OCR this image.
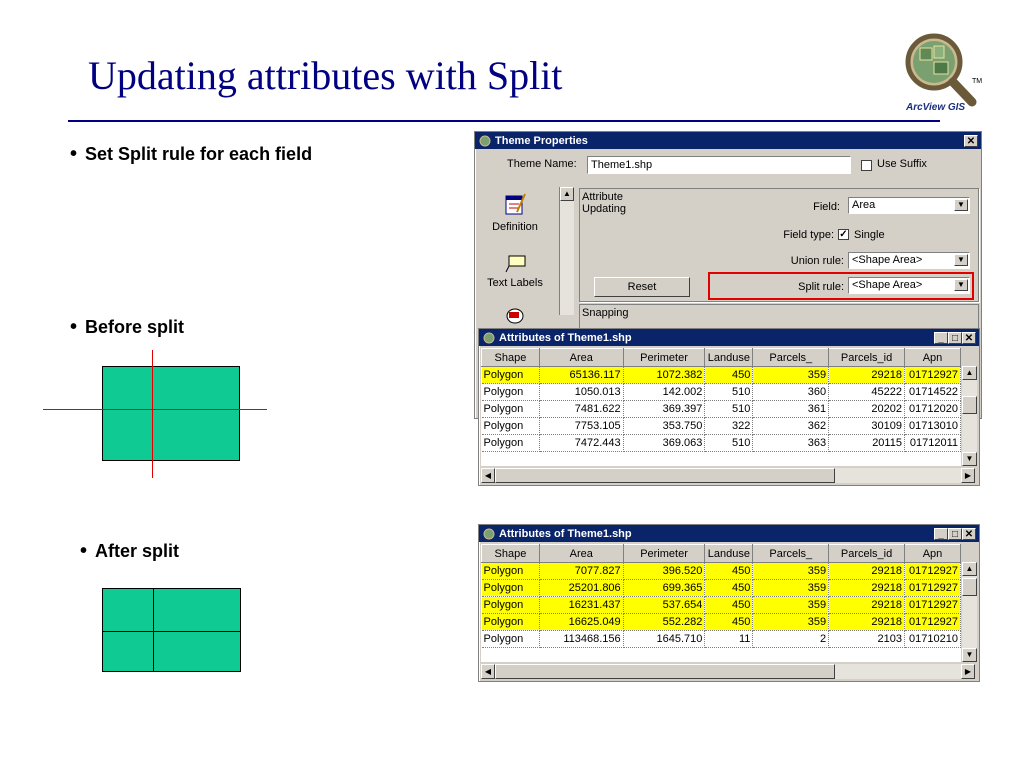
Updating attributes with Split	TM
ArcView GIS
• Set Split rule for each field
• Before split
• After split
Theme Properties	✕
Theme Name:	Theme1.shp	Use Suffix
Definition
Text Labels
▲ Attribute Updating	Field: Area	▼
Field type: ✓ Single
Union rule: <Shape Area>	▼
Reset	Split rule: <Shape Area>	▼
Snapping
Attributes of Theme1.shp	_ □ ✕
Shape	Area	Perimeter	Landuse	Parcels_	Parcels_id	Apn
Polygon	65136.117	1072.382	450	359	29218	01712927
Polygon	1050.013	142.002	510	360	45222	01714522
Polygon	7481.622	369.397	510	361	20202	01712020
Polygon	7753.105	353.750	322	362	30109	01713010
Polygon	7472.443	369.063	510	363	20115	01712011
▲
▼
◀	▶
Attributes of Theme1.shp	_ □ ✕
Shape	Area	Perimeter	Landuse	Parcels_	Parcels_id	Apn
Polygon	7077.827	396.520	450	359	29218	01712927
Polygon	25201.806	699.365	450	359	29218	01712927
Polygon	16231.437	537.654	450	359	29218	01712927
Polygon	16625.049	552.282	450	359	29218	01712927
Polygon	113468.156	1645.710	11	2	2103	01710210
▲
▼
◀	▶
